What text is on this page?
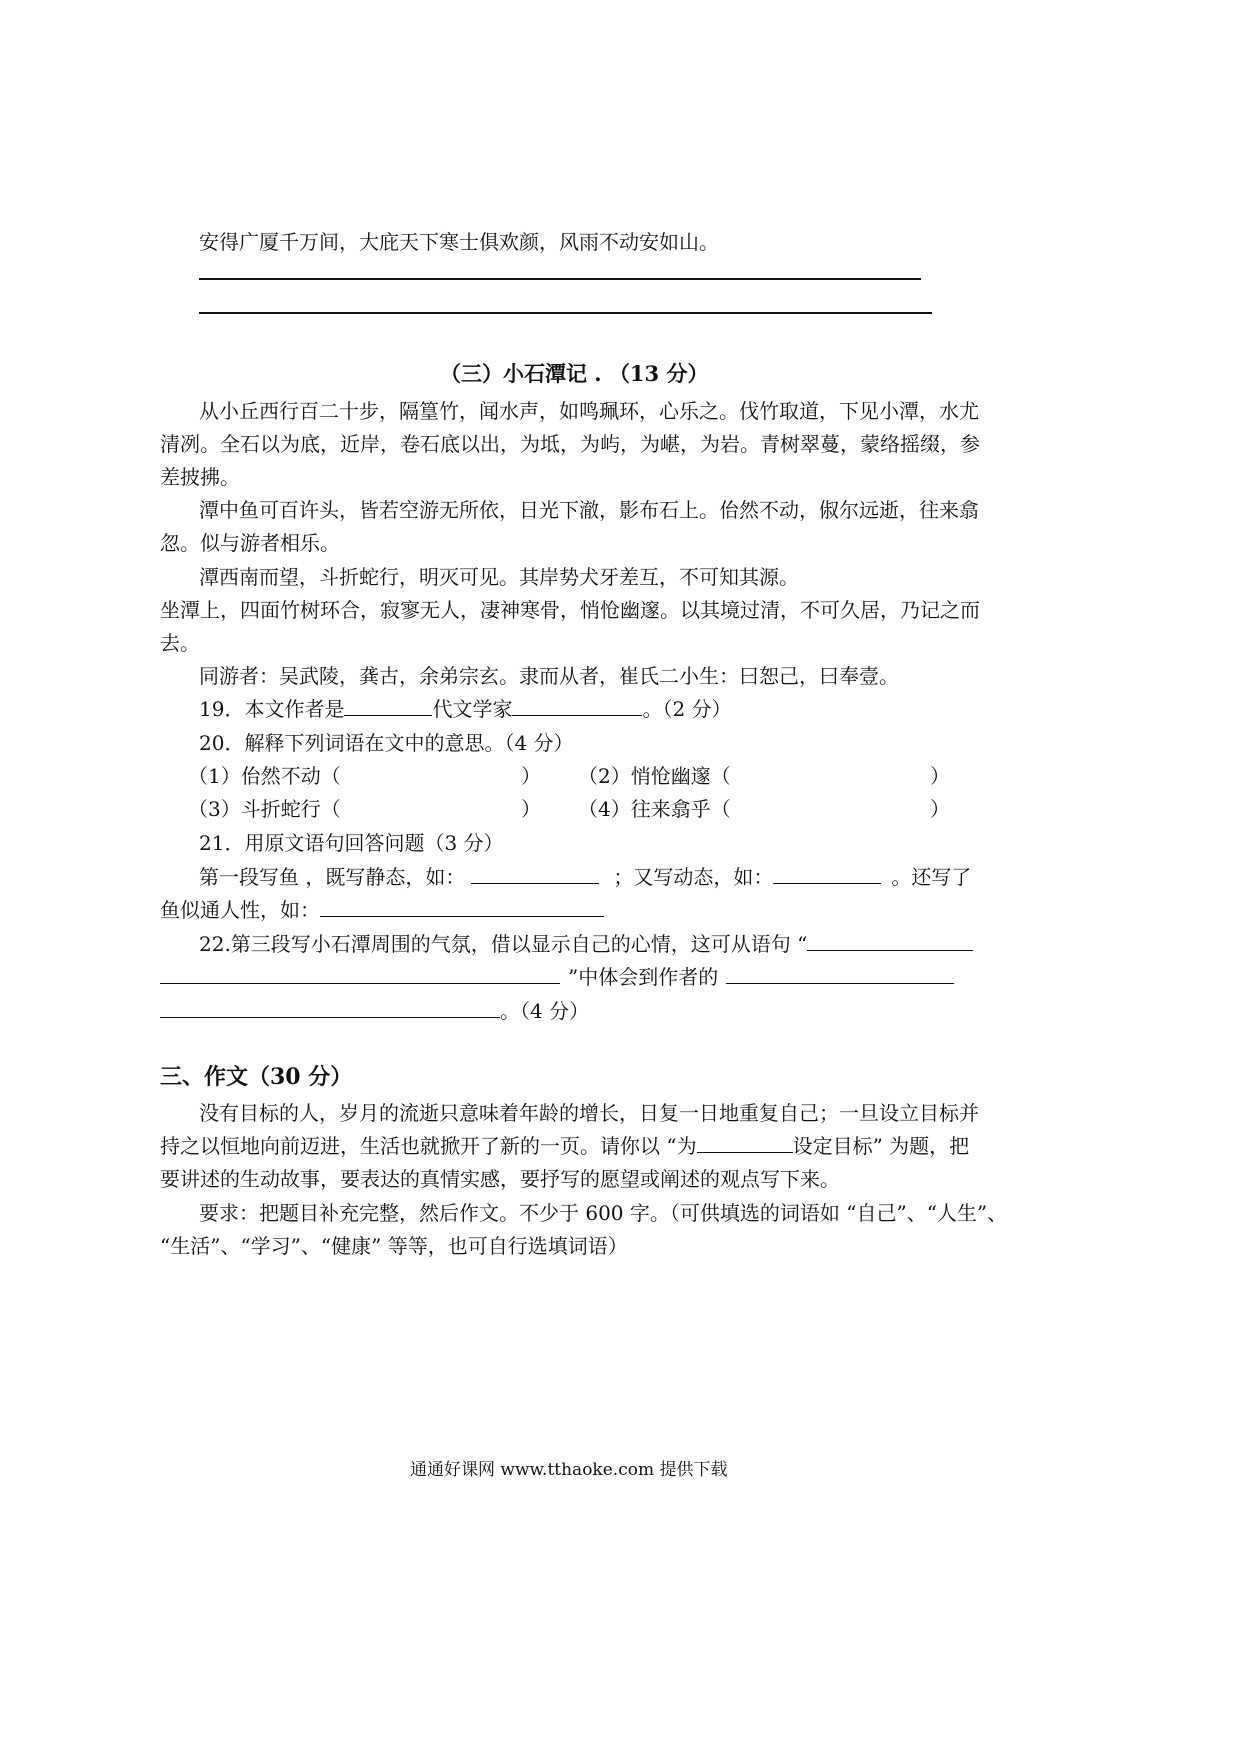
安得广厦千万间，大庇天下寒士俱欢颜，风雨不动安如山。
（三）小石潭记 . （13 分）
从小丘西行百二十步，隔篁竹，闻水声，如鸣珮环，心乐之。伐竹取道，下见小潭，水尤
清冽。全石以为底，近岸，卷石底以出，为坻，为屿，为嵁，为岩。青树翠蔓，蒙络摇缀，参
差披拂。
潭中鱼可百许头，皆若空游无所依，日光下澈，影布石上。佁然不动，俶尔远逝，往来翕
忽。似与游者相乐。
潭西南而望，斗折蛇行，明灭可见。其岸势犬牙差互，不可知其源。
坐潭上，四面竹树环合，寂寥无人，凄神寒骨，悄怆幽邃。以其境过清，不可久居，乃记之而
去。
同游者：吴武陵，龚古，余弟宗玄。隶而从者，崔氏二小生：曰恕己，曰奉壹。
19．本文作者是	代文学家	。（2 分）
20．解释下列词语在文中的意思。（4 分）
（1）佁然不动（	） （2）悄怆幽邃（	）
（3）斗折蛇行（	） （4）往来翕乎（	）
21．用原文语句回答问题（3 分）
第一段写鱼 ，既写静态，如：	；又写动态，如：	。还写了
鱼似通人性，如：
22.第三段写小石潭周围的气氛，借以显示自己的心情，这可从语句 “
”中体会到作者的
。（4 分）
三、作文（30 分）
没有目标的人，岁月的流逝只意味着年龄的增长，日复一日地重复自己；一旦设立目标并
持之以恒地向前迈进，生活也就掀开了新的一页。请你以 “为	设定目标” 为题，把
要讲述的生动故事，要表达的真情实感，要抒写的愿望或阐述的观点写下来。
要求：把题目补充完整，然后作文。不少于 600 字。（可供填选的词语如 “自己”、“人生”、
“生活”、“学习”、“健康” 等等，也可自行选填词语）
通通好课网 www.tthaoke.com 提供下载
